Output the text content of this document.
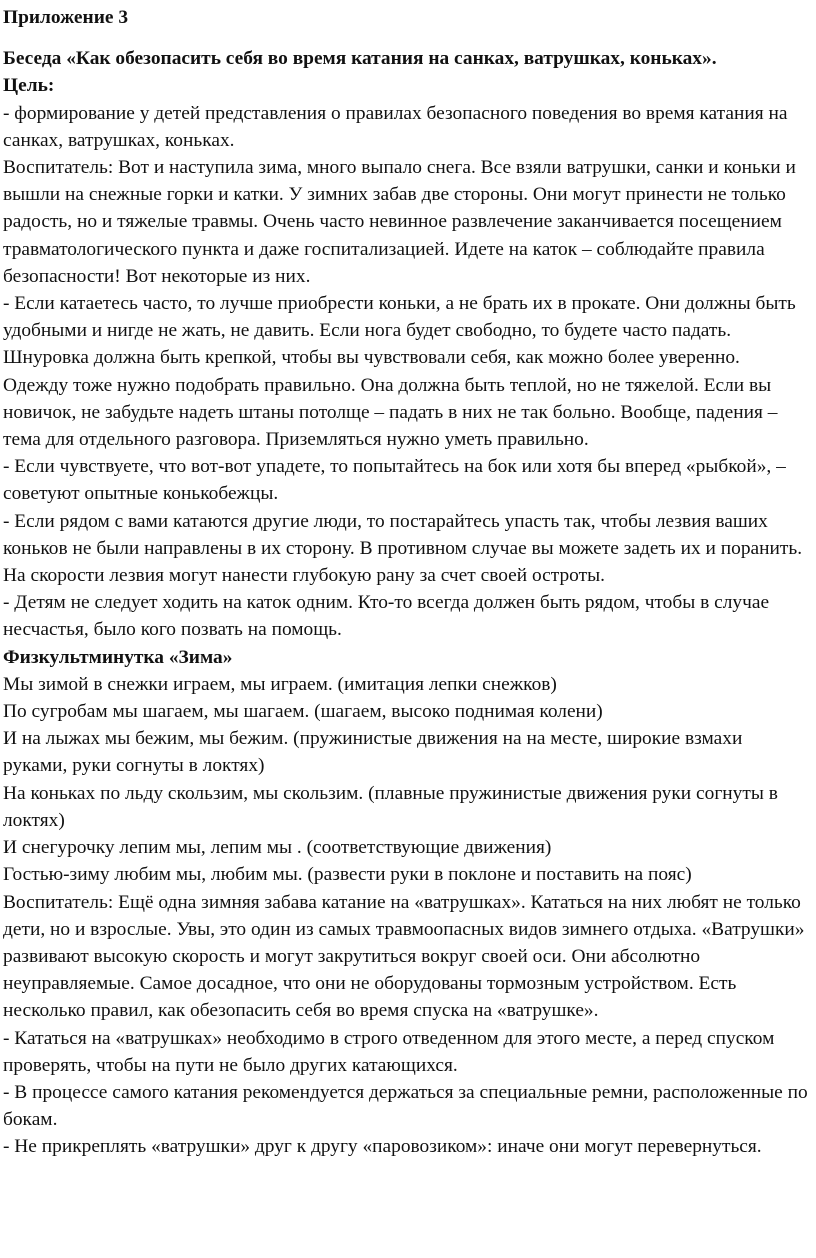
Приложение 3

Беседа «Как обезопасить себя во время катания на санках, ватрушках, коньках».

Цель:

- формирование у детей представления о правилах безопасного поведения во время катания на санках, ватрушках, коньках.

Воспитатель: Вот и наступила зима, много выпало снега. Все взяли ватрушки, санки и коньки и вышли на снежные горки и катки. У зимних забав две стороны. Они могут принести не только радость, но и тяжелые травмы. Очень часто невинное развлечение заканчивается посещением травматологического пункта и даже госпитализацией. Идете на каток – соблюдайте правила безопасности! Вот некоторые из них.

- Если катаетесь часто, то лучше приобрести коньки, а не брать их в прокате. Они должны быть удобными и нигде не жать, не давить. Если нога будет свободно, то будете часто падать. Шнуровка должна быть крепкой, чтобы вы чувствовали себя, как можно более уверенно.

Одежду тоже нужно подобрать правильно. Она должна быть теплой, но не тяжелой. Если вы новичок, не забудьте надеть штаны потолще – падать в них не так больно. Вообще, падения – тема для отдельного разговора. Приземляться нужно уметь правильно.

- Если чувствуете, что вот-вот упадете, то попытайтесь на бок или хотя бы вперед «рыбкой», – советуют опытные конькобежцы.

- Если рядом с вами катаются другие люди, то постарайтесь упасть так, чтобы лезвия ваших коньков не были направлены в их сторону. В противном случае вы можете задеть их и поранить. На скорости лезвия могут нанести глубокую рану за счет своей остроты.

- Детям не следует ходить на каток одним. Кто-то всегда должен быть рядом, чтобы в случае несчастья, было кого позвать на помощь.

Физкультминутка «Зима»

Мы зимой в снежки играем, мы играем. (имитация лепки снежков)

По сугробам мы шагаем, мы шагаем. (шагаем, высоко поднимая колени)

И на лыжах мы бежим, мы бежим. (пружинистые движения на на месте, широкие взмахи руками, руки согнуты в локтях)

На коньках по льду скользим, мы скользим. (плавные пружинистые движения руки согнуты в локтях)

И снегурочку лепим мы, лепим мы . (соответствующие движения)

Гостью-зиму любим мы, любим мы. (развести руки в поклоне и поставить на пояс)

Воспитатель: Ещё одна зимняя забава катание на «ватрушках». Кататься на них любят не только дети, но и взрослые. Увы, это один из самых травмоопасных видов зимнего отдыха. «Ватрушки» развивают высокую скорость и могут закрутиться вокруг своей оси. Они абсолютно неуправляемые. Самое досадное, что они не оборудованы тормозным устройством. Есть несколько правил, как обезопасить себя во время спуска на «ватрушке».

- Кататься на «ватрушках» необходимо в строго отведенном для этого месте, а перед спуском проверять, чтобы на пути не было других катающихся.

- В процессе самого катания рекомендуется держаться за специальные ремни, расположенные по бокам.

- Не прикреплять «ватрушки» друг к другу «паровозиком»: иначе они могут перевернуться.
